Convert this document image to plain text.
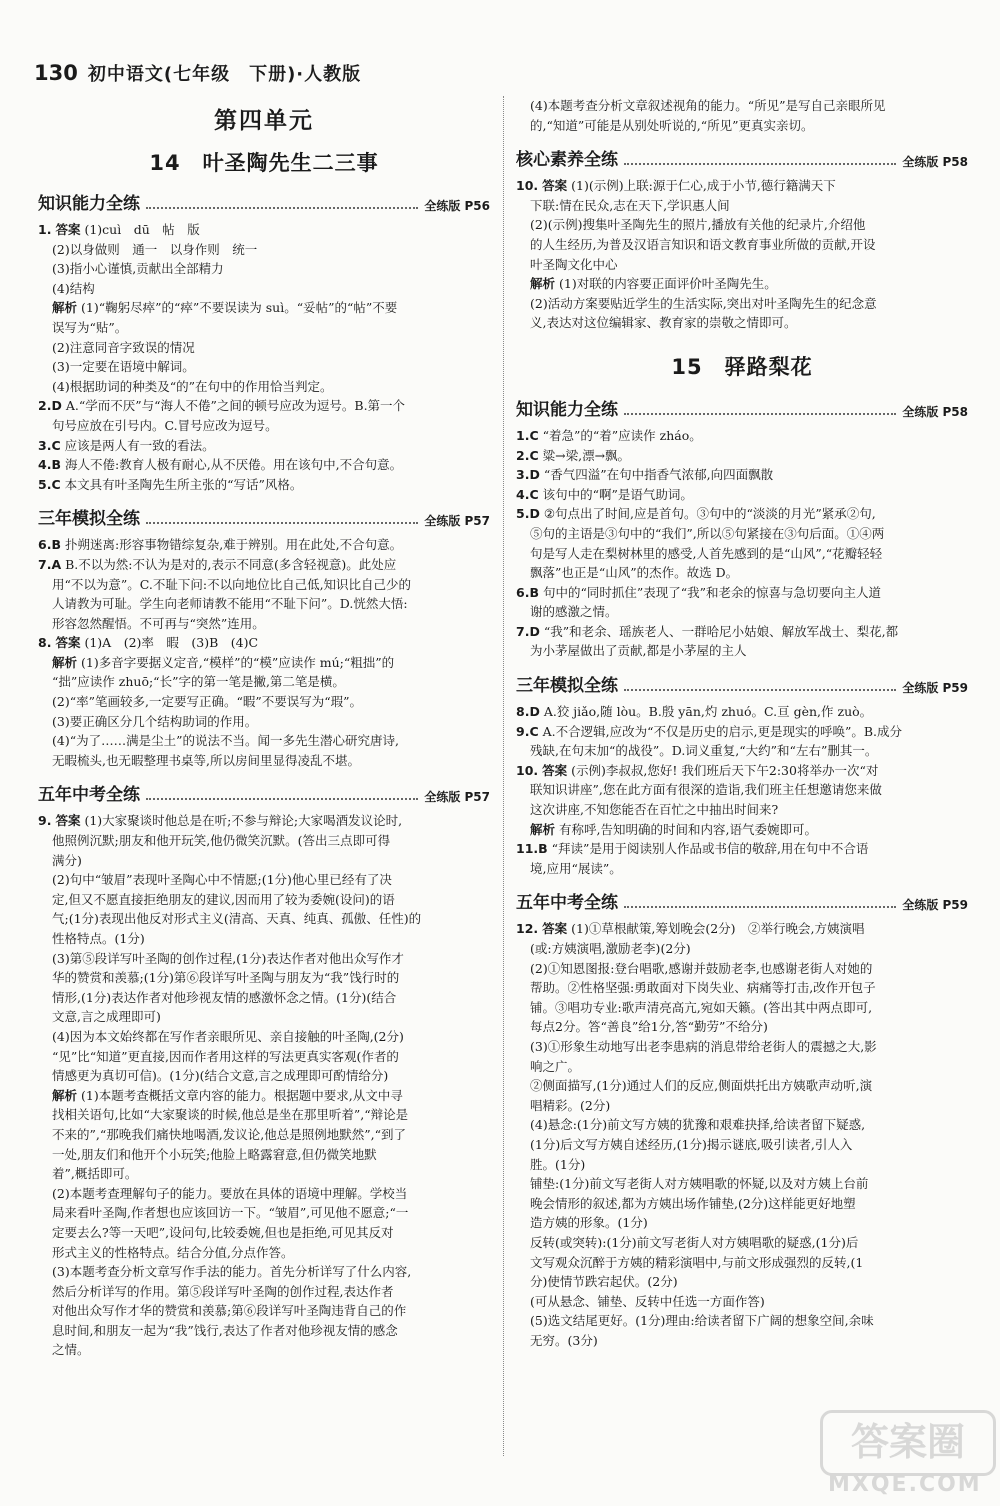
130 初中语文(七年级　下册)·人教版
第四单元
14　叶圣陶先生二三事
知识能力全练	全练版 P56
1. 答案 (1)cuì　dū　帖　版
(2)以身做则　通一　以身作则　统一
(3)指小心谨慎,贡献出全部精力
(4)结构
解析 (1)“鞠躬尽瘁”的“瘁”不要误读为 suì。“妥帖”的“帖”不要
误写为“贴”。
(2)注意同音字致误的情况
(3)一定要在语境中解词。
(4)根据助词的种类及“的”在句中的作用恰当判定。
2.D A.“学而不厌”与“海人不倦”之间的顿号应改为逗号。B.第一个
句号应放在引号内。C.冒号应改为逗号。
3.C 应该是两人有一致的看法。
4.B 海人不倦:教育人极有耐心,从不厌倦。用在该句中,不合句意。
5.C 本文具有叶圣陶先生所主张的“写话”风格。
三年模拟全练	全练版 P57
6.B 扑朔迷离:形容事物错综复杂,难于辨别。用在此处,不合句意。
7.A B.不以为然:不认为是对的,表示不同意(多含轻视意)。此处应
用“不以为意”。C.不耻下问:不以向地位比自己低,知识比自己少的
人请教为可耻。学生向老师请教不能用“不耻下问”。D.恍然大悟:
形容忽然醒悟。不可再与“突然”连用。
8. 答案 (1)A　(2)率　暇　(3)B　(4)C
解析 (1)多音字要据义定音,“模样”的“模”应读作 mú;“粗拙”的
“拙”应读作 zhuō;“长”字的第一笔是撇,第二笔是横。
(2)“率”笔画较多,一定要写正确。“暇”不要误写为“瑕”。
(3)要正确区分几个结构助词的作用。
(4)“为了……满是尘土”的说法不当。闻一多先生潜心研究唐诗,
无暇梳头,也无暇整理书桌等,所以房间里显得凌乱不堪。
五年中考全练	全练版 P57
9. 答案 (1)大家聚谈时他总是在听;不参与辩论;大家喝酒发议论时,
他照例沉默;朋友和他开玩笑,他仍微笑沉默。(答出三点即可得
满分)
(2)句中“皱眉”表现叶圣陶心中不情愿;(1分)他心里已经有了决
定,但又不愿直接拒绝朋友的建议,因而用了较为委婉(设问)的语
气;(1分)表现出他反对形式主义(清高、天真、纯真、孤傲、任性)的
性格特点。(1分)
(3)第⑤段详写叶圣陶的创作过程,(1分)表达作者对他出众写作才
华的赞赏和羡慕;(1分)第⑥段详写叶圣陶与朋友为“我”饯行时的
情形,(1分)表达作者对他珍视友情的感激怀念之情。(1分)(结合
文意,言之成理即可)
(4)因为本文始终都在写作者亲眼所见、亲自接触的叶圣陶,(2分)
“见”比“知道”更直接,因而作者用这样的写法更真实客观(作者的
情感更为真切可信)。(1分)(结合文意,言之成理即可酌情给分)
解析 (1)本题考查概括文章内容的能力。根据题中要求,从文中寻
找相关语句,比如“大家聚谈的时候,他总是坐在那里听着”,“辩论是
不来的”,“那晚我们痛快地喝酒,发议论,他总是照例地默然”,“到了
一处,朋友们和他开个小玩笑;他脸上略露窘意,但仍微笑地默
着”,概括即可。
(2)本题考查理解句子的能力。要放在具体的语境中理解。学校当
局来看叶圣陶,作者想也应该回访一下。“皱眉”,可见他不愿意;“一
定要去么?等一天吧”,设问句,比较委婉,但也是拒绝,可见其反对
形式主义的性格特点。结合分值,分点作答。
(3)本题考查分析文章写作手法的能力。首先分析详写了什么内容,
然后分析详写的作用。第⑤段详写叶圣陶的创作过程,表达作者
对他出众写作才华的赞赏和羡慕;第⑥段详写叶圣陶违背自己的作
息时间,和朋友一起为“我”饯行,表达了作者对他珍视友情的感念
之情。
(4)本题考查分析文章叙述视角的能力。“所见”是写自己亲眼所见
的,“知道”可能是从别处听说的,“所见”更真实亲切。
核心素养全练	全练版 P58
10. 答案 (1)(示例)上联:源于仁心,成于小节,德行籍满天下
下联:情在民众,志在天下,学识惠人间
(2)(示例)搜集叶圣陶先生的照片,播放有关他的纪录片,介绍他
的人生经历,为普及汉语言知识和语文教育事业所做的贡献,开设
叶圣陶文化中心
解析 (1)对联的内容要正面评价叶圣陶先生。
(2)活动方案要贴近学生的生活实际,突出对叶圣陶先生的纪念意
义,表达对这位编辑家、教育家的崇敬之情即可。
15　驿路梨花
知识能力全练	全练版 P58
1.C “着急”的“着”应读作 zháo。
2.C 粱→梁,漂→飘。
3.D “香气四溢”在句中指香气浓郁,向四面飘散
4.C 该句中的“啊”是语气助词。
5.D ②句点出了时间,应是首句。③句中的“淡淡的月光”紧承②句,
⑤句的主语是③句中的“我们”,所以⑤句紧接在③句后面。①④两
句是写人走在梨树林里的感受,人首先感到的是“山风”,“花瓣轻轻
飘落”也正是“山风”的杰作。故选 D。
6.B 句中的“同时抓住”表现了“我”和老余的惊喜与急切要向主人道
谢的感激之情。
7.D “我”和老余、瑶族老人、一群哈尼小姑娘、解放军战士、梨花,都
为小茅屋做出了贡献,都是小茅屋的主人
三年模拟全练	全练版 P59
8.D A.狡 jiǎo,随 lòu。B.殷 yān,灼 zhuó。C.亘 gèn,作 zuò。
9.C A.不合逻辑,应改为“不仅是历史的启示,更是现实的呼唤”。B.成分
残缺,在句末加“的战役”。D.词义重复,“大约”和“左右”删其一。
10. 答案 (示例)李叔叔,您好! 我们班后天下午2:30将举办一次“对
联知识讲座”,您在此方面有很深的造诣,我们班主任想邀请您来做
这次讲座,不知您能否在百忙之中抽出时间来?
解析 有称呼,告知明确的时间和内容,语气委婉即可。
11.B “拜读”是用于阅读别人作品或书信的敬辞,用在句中不合语
境,应用“展读”。
五年中考全练	全练版 P59
12. 答案 (1)①草根献策,筹划晚会(2分)　②举行晚会,方姨演唱
(或:方姨演唱,激励老李)(2分)
(2)①知恩图报:登台唱歌,感谢并鼓励老李,也感谢老街人对她的
帮助。②性格坚强:勇敢面对下岗失业、病痛等打击,改作开包子
铺。③唱功专业:歌声清亮高亢,宛如天籁。(答出其中两点即可,
每点2分。答“善良”给1分,答“勤劳”不给分)
(3)①形象生动地写出老李患病的消息带给老街人的震撼之大,影
响之广。
②侧面描写,(1分)通过人们的反应,侧面烘托出方姨歌声动听,演
唱精彩。(2分)
(4)悬念:(1分)前文写方姨的犹豫和艰难抉择,给读者留下疑惑,
(1分)后文写方姨自述经历,(1分)揭示谜底,吸引读者,引人入
胜。(1分)
铺垫:(1分)前文写老街人对方姨唱歌的怀疑,以及对方姨上台前
晚会情形的叙述,都为方姨出场作铺垫,(2分)这样能更好地塑
造方姨的形象。(1分)
反转(或突转):(1分)前文写老街人对方姨唱歌的疑惑,(1分)后
文写观众沉醉于方姨的精彩演唱中,与前文形成强烈的反转,(1
分)使情节跌宕起伏。(2分)
(可从悬念、铺垫、反转中任选一方面作答)
(5)选文结尾更好。(1分)理由:给读者留下广阔的想象空间,余味
无穷。(3分)
答案圈
MXQE.COM
